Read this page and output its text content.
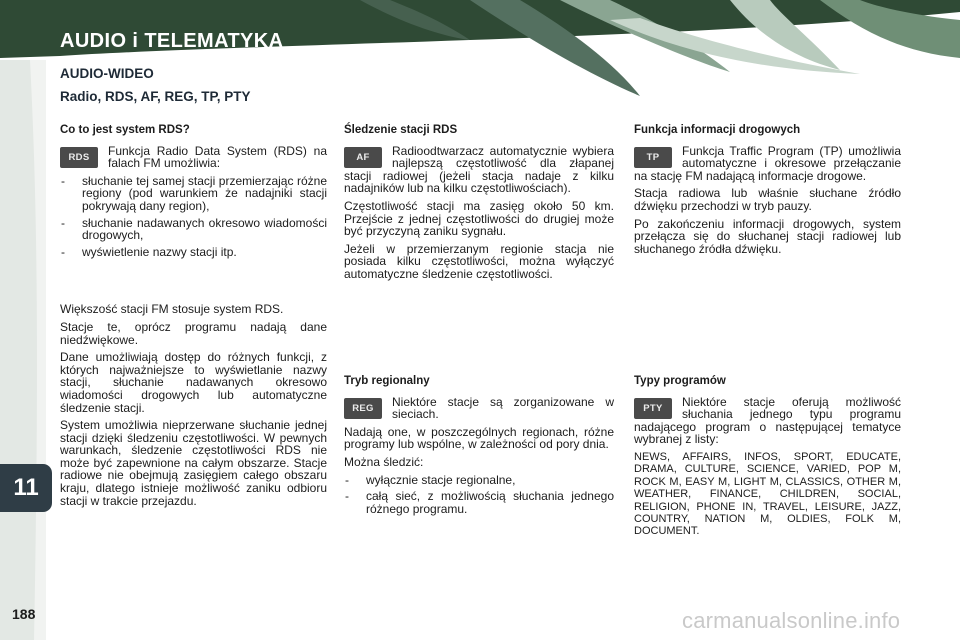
AUDIO i TELEMATYKA
AUDIO-WIDEO
Radio, RDS, AF, REG, TP, PTY
Co to jest system RDS?
RDS	Funkcja Radio Data System (RDS) na falach FM umożliwia:

- słuchanie tej samej stacji przemierzając różne regiony (pod warunkiem że nadajniki stacji pokrywają dany region),
- słuchanie nadawanych okresowo wiadomości drogowych,
- wyświetlenie nazwy stacji itp.

Większość stacji FM stosuje system RDS.

Stacje te, oprócz programu nadają dane niedźwiękowe.

Dane umożliwiają dostęp do różnych funkcji, z których najważniejsze to wyświetlanie nazwy stacji, słuchanie nadawanych okresowo wiadomości drogowych lub automatyczne śledzenie stacji.

System umożliwia nieprzerwane słuchanie jednej stacji dzięki śledzeniu częstotliwości. W pewnych warunkach, śledzenie częstotliwości RDS nie może być zapewnione na całym obszarze. Stacje radiowe nie obejmują zasięgiem całego obszaru kraju, dlatego istnieje możliwość zaniku odbioru stacji w trakcie przejazdu.

Śledzenie stacji RDS
AF	Radioodtwarzacz automatycznie wybiera najlepszą częstotliwość dla złapanej stacji radiowej (jeżeli stacja nadaje z kilku nadajników lub na kilku częstotliwościach).

Częstotliwość stacji ma zasięg około 50 km. Przejście z jednej częstotliwości do drugiej może być przyczyną zaniku sygnału.

Jeżeli w przemierzanym regionie stacja nie posiada kilku częstotliwości, można wyłączyć automatyczne śledzenie częstotliwości.

Tryb regionalny
REG	Niektóre stacje są zorganizowane w sieciach.

Nadają one, w poszczególnych regionach, różne programy lub wspólne, w zależności od pory dnia.

Można śledzić:

- wyłącznie stacje regionalne,
- całą sieć, z możliwością słuchania jednego różnego programu.
Funkcja informacji drogowych
TP	Funkcja Traffic Program (TP) umożliwia automatyczne i okresowe przełączanie na stację FM nadającą informacje drogowe.

Stacja radiowa lub właśnie słuchane źródło dźwięku przechodzi w tryb pauzy.

Po zakończeniu informacji drogowych, system przełącza się do słuchanej stacji radiowej lub słuchanego źródła dźwięku.

Typy programów
PTY	Niektóre stacje oferują możliwość słuchania jednego typu programu nadającego program o następującej tematyce wybranej z listy:

NEWS, AFFAIRS, INFOS, SPORT, EDUCATE, DRAMA, CULTURE, SCIENCE, VARIED, POP M, ROCK M, EASY M, LIGHT M, CLASSICS, OTHER M, WEATHER, FINANCE, CHILDREN, SOCIAL, RELIGION, PHONE IN, TRAVEL, LEISURE, JAZZ, COUNTRY, NATION M, OLDIES, FOLK M, DOCUMENT.

11
188	carmanualsonline.info
